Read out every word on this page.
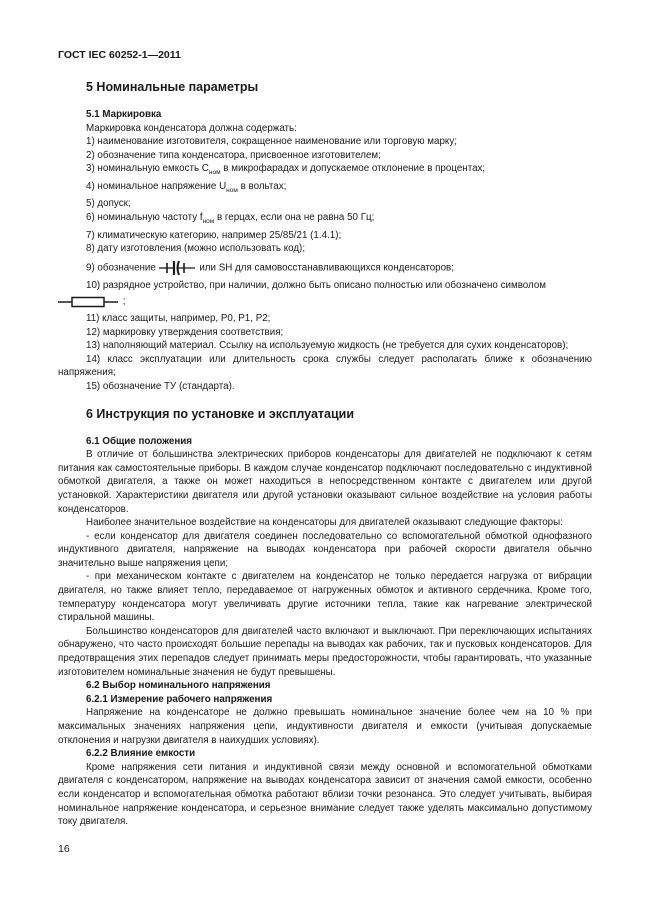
ГОСТ IEC 60252-1—2011

5 Номинальные параметры

5.1 Маркировка

Маркировка конденсатора должна содержать:

1) наименование изготовителя, сокращенное наименование или торговую марку;

2) обозначение типа конденсатора, присвоенное изготовителем;

3) номинальную емкость $C_{ном}$ в микрофарадах и допускаемое отклонение в процентах;

4) номинальное напряжение $U_{ном}$ в вольтах;

5) допуск;

6) номинальную частоту $f_{ном}$ в герцах, если она не равна 50 Гц;

7) климатическую категорию, например 25/85/21 (1.4.1);

8) дату изготовления (можно использовать код);

9) обозначение	или SH для самовосстанавливающихся конденсаторов;

10) разрядное устройство, при наличии, должно быть описано полностью или обозначено символом

;

11) класс защиты, например, P0, P1, P2;

12) маркировку утверждения соответствия;

13) наполняющий материал. Ссылку на используемую жидкость (не требуется для сухих конденсаторов);

14) класс эксплуатации или длительность срока службы следует располагать ближе к обозначению напряжения;

15) обозначение ТУ (стандарта).

6 Инструкция по установке и эксплуатации

6.1 Общие положения

В отличие от большинства электрических приборов конденсаторы для двигателей не подключают к сетям питания как самостоятельные приборы. В каждом случае конденсатор подключают последовательно с индуктивной обмоткой двигателя, а также он может находиться в непосредственном контакте с двигателем или другой установкой. Характеристики двигателя или другой установки оказывают сильное воздействие на условия работы конденсаторов.

Наиболее значительное воздействие на конденсаторы для двигателей оказывают следующие факторы:

- если конденсатор для двигателя соединен последовательно со вспомогательной обмоткой однофазного индуктивного двигателя, напряжение на выводах конденсатора при рабочей скорости двигателя обычно значительно выше напряжения цепи;

- при механическом контакте с двигателем на конденсатор не только передается нагрузка от вибрации двигателя, но также влияет тепло, передаваемое от нагруженных обмоток и активного сердечника. Кроме того, температуру конденсатора могут увеличивать другие источники тепла, такие как нагревание электрической стиральной машины.

Большинство конденсаторов для двигателей часто включают и выключают. При переключающих испытаниях обнаружено, что часто происходят большие перепады на выводах как рабочих, так и пусковых конденсаторов. Для предотвращения этих перепадов следует принимать меры предосторожности, чтобы гарантировать, что указанные изготовителем номинальные значения не будут превышены.

6.2 Выбор номинального напряжения

6.2.1 Измерение рабочего напряжения

Напряжение на конденсаторе не должно превышать номинальное значение более чем на 10 % при максимальных значениях напряжения цепи, индуктивности двигателя и емкости (учитывая допускаемые отклонения и нагрузки двигателя в наихудших условиях).

6.2.2 Влияние емкости

Кроме напряжения сети питания и индуктивной связи между основной и вспомогательной обмотками двигателя с конденсатором, напряжение на выводах конденсатора зависит от значения самой емкости, особенно если конденсатор и вспомогательная обмотка работают вблизи точки резонанса. Это следует учитывать, выбирая номинальное напряжение конденсатора, и серьезное внимание следует также уделять максимально допустимому току двигателя.

16
